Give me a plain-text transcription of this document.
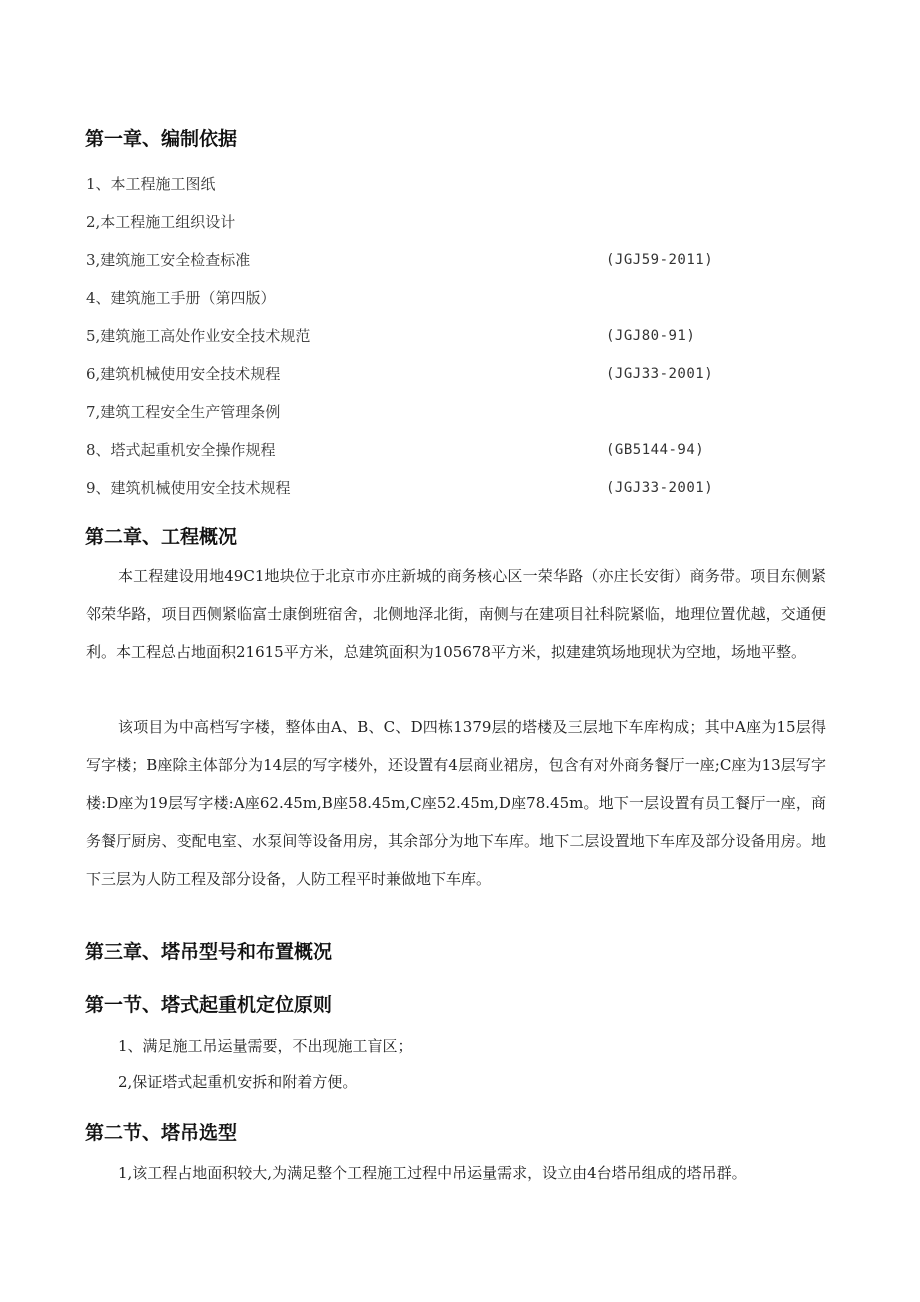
第一章、编制依据
1、本工程施工图纸
2,本工程施工组织设计
3,建筑施工安全检查标准	(JGJ59-2011)
4、建筑施工手册（第四版）
5,建筑施工高处作业安全技术规范	(JGJ80-91)
6,建筑机械使用安全技术规程	(JGJ33-2001)
7,建筑工程安全生产管理条例
8、塔式起重机安全操作规程	(GB5144-94)
9、建筑机械使用安全技术规程	(JGJ33-2001)
第二章、工程概况

本工程建设用地49C1地块位于北京市亦庄新城的商务核心区一荣华路（亦庄长安街）商务带。项目东侧紧邻荣华路，项目西侧紧临富士康倒班宿舍，北侧地泽北街，南侧与在建项目社科院紧临，地理位置优越，交通便利。本工程总占地面积21615平方米，总建筑面积为105678平方米，拟建建筑场地现状为空地，场地平整。

该项目为中高档写字楼，整体由A、B、C、D四栋1379层的塔楼及三层地下车库构成；其中A座为15层得写字楼；B座除主体部分为14层的写字楼外，还设置有4层商业裙房，包含有对外商务餐厅一座;C座为13层写字楼:D座为19层写字楼:A座62.45m,B座58.45m,C座52.45m,D座78.45m。地下一层设置有员工餐厅一座，商务餐厅厨房、变配电室、水泵间等设备用房，其余部分为地下车库。地下二层设置地下车库及部分设备用房。地下三层为人防工程及部分设备，人防工程平时兼做地下车库。

第三章、塔吊型号和布置概况
第一节、塔式起重机定位原则
1、满足施工吊运量需要，不出现施工盲区；
2,保证塔式起重机安拆和附着方便。
第二节、塔吊选型
1,该工程占地面积较大,为满足整个工程施工过程中吊运量需求，设立由4台塔吊组成的塔吊群。
